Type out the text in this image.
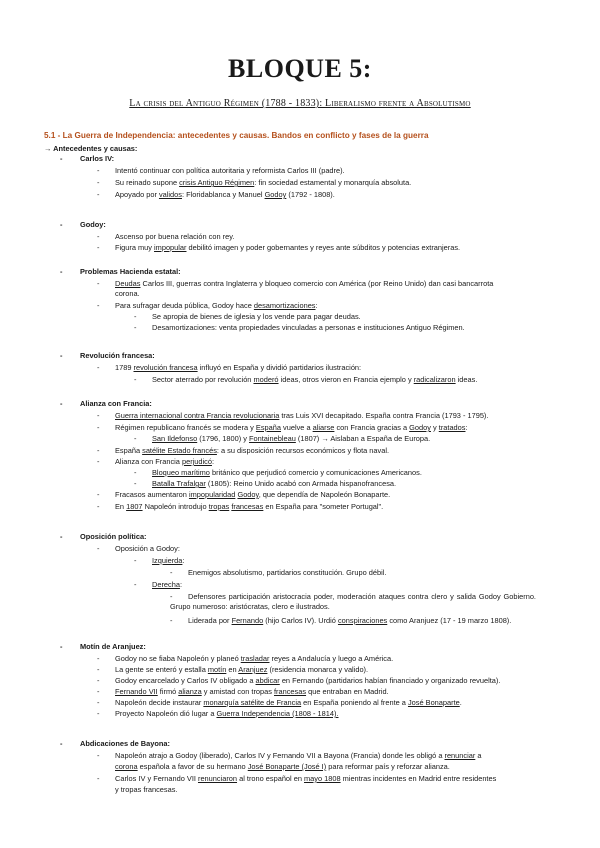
BLOQUE 5:
La crisis del Antiguo Régimen (1788 - 1833): Liberalismo frente a Absolutismo
5.1 - La Guerra de Independencia: antecedentes y causas. Bandos en conflicto y fases de la guerra
→ Antecedentes y causas:
- Carlos IV:
- Intentó continuar con política autoritaria y reformista Carlos III (padre).
- Su reinado supone crisis Antiguo Régimen: fin sociedad estamental y monarquía absoluta.
- Apoyado por validos: Floridablanca y Manuel Godoy (1792 - 1808).
- Godoy:
- Ascenso por buena relación con rey.
- Figura muy impopular debilitó imagen y poder gobernantes y reyes ante súbditos y potencias extranjeras.
- Problemas Hacienda estatal:
- Deudas Carlos III, guerras contra Inglaterra y bloqueo comercio con América (por Reino Unido) dan casi bancarrota
corona.
- Para sufragar deuda pública, Godoy hace desamortizaciones:
- Se apropia de bienes de iglesia y los vende para pagar deudas.
- Desamortizaciones: venta propiedades vinculadas a personas e instituciones Antiguo Régimen.
- Revolución francesa:
- 1789 revolución francesa influyó en España y dividió partidarios ilustración:
- Sector aterrado por revolución moderó ideas, otros vieron en Francia ejemplo y radicalizaron ideas.
- Alianza con Francia:
- Guerra internacional contra Francia revolucionaria tras Luis XVI decapitado. España contra Francia (1793 - 1795).
- Régimen republicano francés se modera y España vuelve a aliarse con Francia gracias a Godoy y tratados:
- San Ildefonso (1796, 1800) y Fontainebleau (1807) → Aislaban a España de Europa.
- España satélite Estado francés: a su disposición recursos económicos y flota naval.
- Alianza con Francia perjudicó:
- Bloqueo marítimo británico que perjudicó comercio y comunicaciones Americanos.
- Batalla Trafalgar (1805): Reino Unido acabó con Armada hispanofrancesa.
- Fracasos aumentaron impopularidad Godoy, que dependía de Napoleón Bonaparte.
- En 1807 Napoleón introdujo tropas francesas en España para "someter Portugal".
- Oposición política:
- Oposición a Godoy:
- Izquierda:
- Enemigos absolutismo, partidarios constitución. Grupo débil.
- Derecha:
- Defensores participación aristocracia poder, moderación ataques contra clero y salida Godoy Gobierno. Grupo numeroso: aristócratas, clero e ilustrados.
- Liderada por Fernando (hijo Carlos IV). Urdió conspiraciones como Aranjuez (17 - 19 marzo 1808).
- Motín de Aranjuez:
- Godoy no se fiaba Napoleón y planeó trasladar reyes a Andalucía y luego a América.
- La gente se enteró y estalla motín en Aranjuez (residencia monarca y valido).
- Godoy encarcelado y Carlos IV obligado a abdicar en Fernando (partidarios habían financiado y organizado revuelta).
- Fernando VII firmó alianza y amistad con tropas francesas que entraban en Madrid.
- Napoleón decide instaurar monarquía satélite de Francia en España poniendo al frente a José Bonaparte.
- Proyecto Napoleón dió lugar a Guerra Independencia (1808 - 1814).
- Abdicaciones de Bayona:
- Napoleón atrajo a Godoy (liberado), Carlos IV y Fernando VII a Bayona (Francia) donde les obligó a renunciar a
corona española a favor de su hermano José Bonaparte (José I) para reformar país y reforzar alianza.
- Carlos IV y Fernando VII renunciaron al trono español en mayo 1808 mientras incidentes en Madrid entre residentes
y tropas francesas.
